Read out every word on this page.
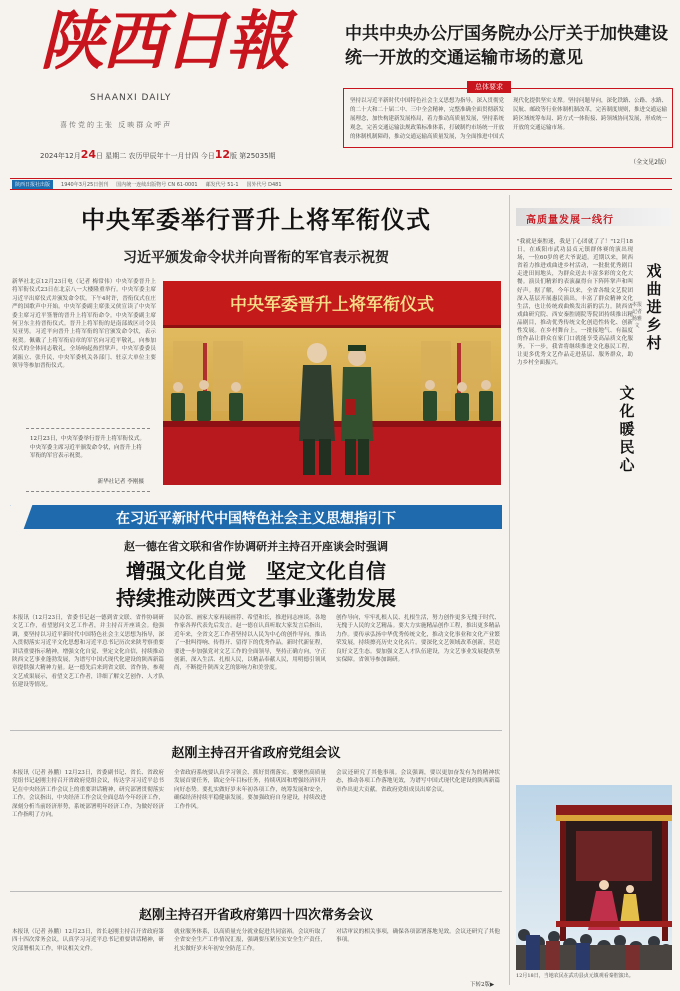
陕西日報
SHAANXI DAILY
喜传党的主张 反映群众呼声
2024年12月24日 星期二 农历甲辰年十一月廿四 今日12版 第25035期
中共中央办公厅国务院办公厅关于加快建设统一开放的交通运输市场的意见
总体要求
坚持以习近平新时代中国特色社会主义思想为指导，深入贯彻党的二十大和二十届二中、三中全会精神，完整准确全面贯彻新发展理念，加快构建新发展格局，着力推动高质量发展，坚持系统观念，完善交通运输法规政策标准体系，打破制约市场统一开放的体制机制障碍，推动交通运输高质量发展，为全面推进中国式现代化提供坚实支撑。坚持问题导向，深化铁路、公路、水路、民航、邮政等行业体制机制改革，完善制度规则，推进交通运输跨区域统筹布局、跨方式一体衔接、跨领域协同发展，形成统一开放的交通运输市场。
（全文见2版）
陕西日报社出版	1940年3月25日创刊 国内统一连续出版物号 CN 61-0001 邮发代号 51-1 国外代号 D481
中央军委举行晋升上将军衔仪式
习近平颁发命令状并向晋衔的军官表示祝贺
新华社北京12月23日电（记者 梅常伟）中央军委晋升上将军衔仪式23日在北京八一大楼隆重举行。中央军委主席习近平出席仪式并颁发命令状。下午4时许，晋衔仪式在庄严的国歌声中开始。中央军委副主席张又侠宣读了中央军委主席习近平签署的晋升上将军衔命令。中央军委副主席何卫东主持晋衔仪式。晋升上将军衔的是南部战区司令员吴亚男。习近平向晋升上将军衔的军官颁发命令状，表示祝贺。佩戴了上将军衔肩章的军官向习近平敬礼，向参加仪式的全体同志敬礼，全场响起热烈掌声。中央军委委员刘振立、张升民，中央军委机关各部门、驻京大单位主要领导等参加晋衔仪式。
12月23日，中央军委举行晋升上将军衔仪式。中央军委主席习近平颁发命令状，向晋升上将军衔的军官表示祝贺。
新华社记者 李刚摄
中央军委晋升上将军衔仪式
在习近平新时代中国特色社会主义思想指引下
赵一德在省文联和省作协调研并主持召开座谈会时强调
增强文化自觉　坚定文化自信
持续推动陕西文艺事业蓬勃发展
本报讯（12月23日，省委书记赵一德到省文联、省作协调研文艺工作，看望慰问文艺工作者，并主持召开座谈会。他强调，要坚持以习近平新时代中国特色社会主义思想为指导，深入贯彻落实习近平文化思想和习近平总书记历次来陕考察重要讲话重要指示精神，增强文化自觉、坚定文化自信，持续推动陕西文艺事业蓬勃发展，为谱写中国式现代化建设的陕西新篇章提供强大精神力量。赵一德先后来到省文联、省作协，参观文艺成果展示，看望文艺工作者，详细了解文艺创作、人才队伍建设等情况。
民办馆、画家大家再展画荐、希望和长，推进同志座谈。各地作家各界代表先后发言。赵一德在认真听取大家发言后指出，近年来，全省文艺工作者坚持以人民为中心的创作导向，推出了一批叫得响、传得开、留得下的优秀作品。新时代新征程，要进一步加强党对文艺工作的全面领导，坚持正确方向，守正创新，深入生活、扎根人民，以精品奉献人民，用明德引领风尚，不断提升陕西文艺的影响力和美誉度。
创作导向，牢牢扎根人民、扎根生活，努力创作更多无愧于时代、无愧于人民的文艺精品。要大力实施精品创作工程，推出更多精品力作。要传承弘扬中华优秀传统文化，推动文化事业和文化产业繁荣发展，持续擦亮历史文化名片。要深化文艺领域改革创新，营造良好文艺生态。要加强文艺人才队伍建设，为文艺事业发展提供坚实保障。省领导参加调研。
赵刚主持召开省政府党组会议
本报讯（记者 孙鹏）12月23日，省委副书记、省长、省政府党组书记赵刚主持召开省政府党组会议，传达学习习近平总书记在中央经济工作会议上的重要讲话精神，研究部署贯彻落实工作。会议指出，中央经济工作会议全面总结今年经济工作，深刻分析当前经济形势，系统部署明年经济工作，为做好经济工作指明了方向。
全省政府系统要认真学习领会、抓好贯彻落实。要聚焦高质量发展首要任务，锚定全年目标任务，持续巩固和增强经济回升向好态势。要扎实做好岁末年初各项工作，统筹发展和安全，确保经济持续平稳健康发展。要加强政府自身建设，持续改进工作作风。
会议还研究了其他事项。会议强调，要以更加奋发有为的精神状态，推动各项工作落地见效，为谱写中国式现代化建设的陕西新篇章作出更大贡献。省政府党组成员出席会议。
赵刚主持召开省政府第四十四次常务会议
本报讯（记者 孙鹏）12月23日，省长赵刚主持召开省政府第四十四次常务会议，认真学习习近平总书记重要讲话精神，研究部署相关工作，审议相关文件。
就业服务体系，以高质量充分就业促进共同富裕。会议听取了全省安全生产工作情况汇报，强调要压紧压实安全生产责任，扎实做好岁末年初安全防范工作。
对话审议的相关事项，确保各项部署落地见效。会议还研究了其他事项。
下转2版▶
高质量发展一线行
"我就是秦腔迷，我是丁心团就了了！"12月18日，在咸阳市武功县贞元镇群体赛的演出现场，一位60岁的老大爷说道。近期以来，陕西省着力推进戏曲进乡村活动，一批批优秀剧目走进田间地头，为群众送去丰富多彩的文化大餐。演员们精彩的表演赢得台下阵阵掌声和叫好声。据了解，今年以来，全省各级文艺院团深入基层开展惠民演出，丰富了群众精神文化生活，也让传统戏曲焕发出新的活力。陕西省戏曲研究院、西安秦腔剧院等院团持续推出精品剧目，推动优秀传统文化创造性转化、创新性发展。在乡村舞台上，一批接地气、有温度的作品让群众在家门口就能享受高品质文化服务。下一步，我省将继续推进文化惠民工程，让更多优秀文艺作品走进基层、服务群众，助力乡村全面振兴。
戏曲进乡村
本报记者 杨雅文
文化暖民心
12月18日，当地农民在武功县贞元镇观看秦腔演出。
